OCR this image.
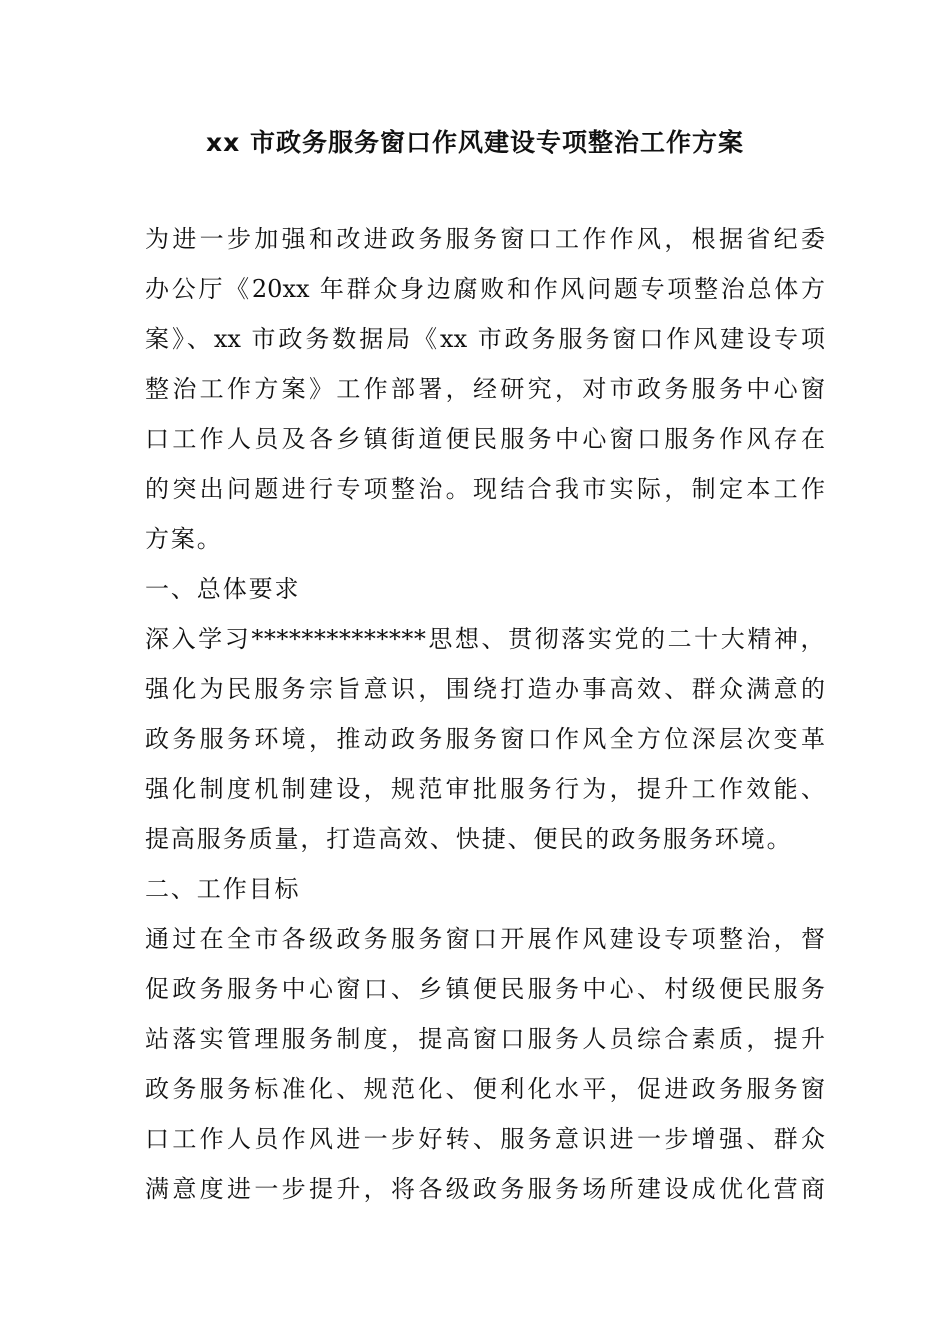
xx 市政务服务窗口作风建设专项整治工作方案
为进一步加强和改进政务服务窗口工作作风，根据省纪委
办公厅《20xx 年群众身边腐败和作风问题专项整治总体方
案》、xx 市政务数据局《xx 市政务服务窗口作风建设专项
整治工作方案》工作部署，经研究，对市政务服务中心窗
口工作人员及各乡镇街道便民服务中心窗口服务作风存在
的突出问题进行专项整治。现结合我市实际，制定本工作
方案。
一、总体要求
深入学习**************思想、贯彻落实党的二十大精神，
强化为民服务宗旨意识，围绕打造办事高效、群众满意的
政务服务环境，推动政务服务窗口作风全方位深层次变革
强化制度机制建设，规范审批服务行为，提升工作效能、
提高服务质量，打造高效、快捷、便民的政务服务环境。
二、工作目标
通过在全市各级政务服务窗口开展作风建设专项整治，督
促政务服务中心窗口、乡镇便民服务中心、村级便民服务
站落实管理服务制度，提高窗口服务人员综合素质，提升
政务服务标准化、规范化、便利化水平，促进政务服务窗
口工作人员作风进一步好转、服务意识进一步增强、群众
满意度进一步提升，将各级政务服务场所建设成优化营商
